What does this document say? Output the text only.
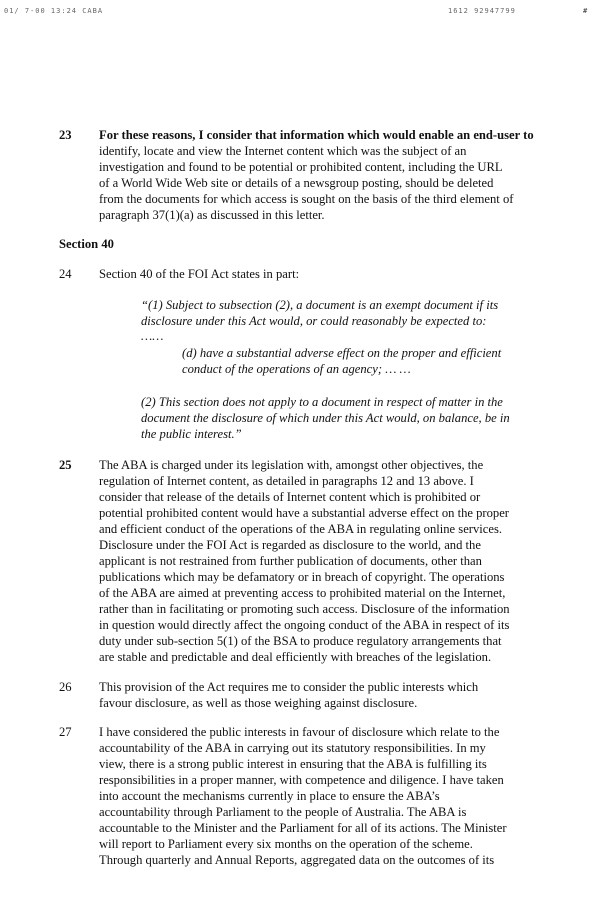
01/ 7-00 13:24 CABA	1612 92947799	#
23 For these reasons, I consider that information which would enable an end-user to
identify, locate and view the Internet content which was the subject of an
investigation and found to be potential or prohibited content, including the URL
of a World Wide Web site or details of a newsgroup posting, should be deleted
from the documents for which access is sought on the basis of the third element of
paragraph 37(1)(a) as discussed in this letter.
Section 40
24 Section 40 of the FOI Act states in part:
“(1) Subject to subsection (2), a document is an exempt document if its
disclosure under this Act would, or could reasonably be expected to:
……
(d) have a substantial adverse effect on the proper and efficient
conduct of the operations of an agency; … …
(2) This section does not apply to a document in respect of matter in the
document the disclosure of which under this Act would, on balance, be in
the public interest.”
25 The ABA is charged under its legislation with, amongst other objectives, the
regulation of Internet content, as detailed in paragraphs 12 and 13 above. I
consider that release of the details of Internet content which is prohibited or
potential prohibited content would have a substantial adverse effect on the proper
and efficient conduct of the operations of the ABA in regulating online services.
Disclosure under the FOI Act is regarded as disclosure to the world, and the
applicant is not restrained from further publication of documents, other than
publications which may be defamatory or in breach of copyright. The operations
of the ABA are aimed at preventing access to prohibited material on the Internet,
rather than in facilitating or promoting such access. Disclosure of the information
in question would directly affect the ongoing conduct of the ABA in respect of its
duty under sub-section 5(1) of the BSA to produce regulatory arrangements that
are stable and predictable and deal efficiently with breaches of the legislation.
26 This provision of the Act requires me to consider the public interests which
favour disclosure, as well as those weighing against disclosure.
27 I have considered the public interests in favour of disclosure which relate to the
accountability of the ABA in carrying out its statutory responsibilities. In my
view, there is a strong public interest in ensuring that the ABA is fulfilling its
responsibilities in a proper manner, with competence and diligence. I have taken
into account the mechanisms currently in place to ensure the ABA’s
accountability through Parliament to the people of Australia. The ABA is
accountable to the Minister and the Parliament for all of its actions. The Minister
will report to Parliament every six months on the operation of the scheme.
Through quarterly and Annual Reports, aggregated data on the outcomes of its
